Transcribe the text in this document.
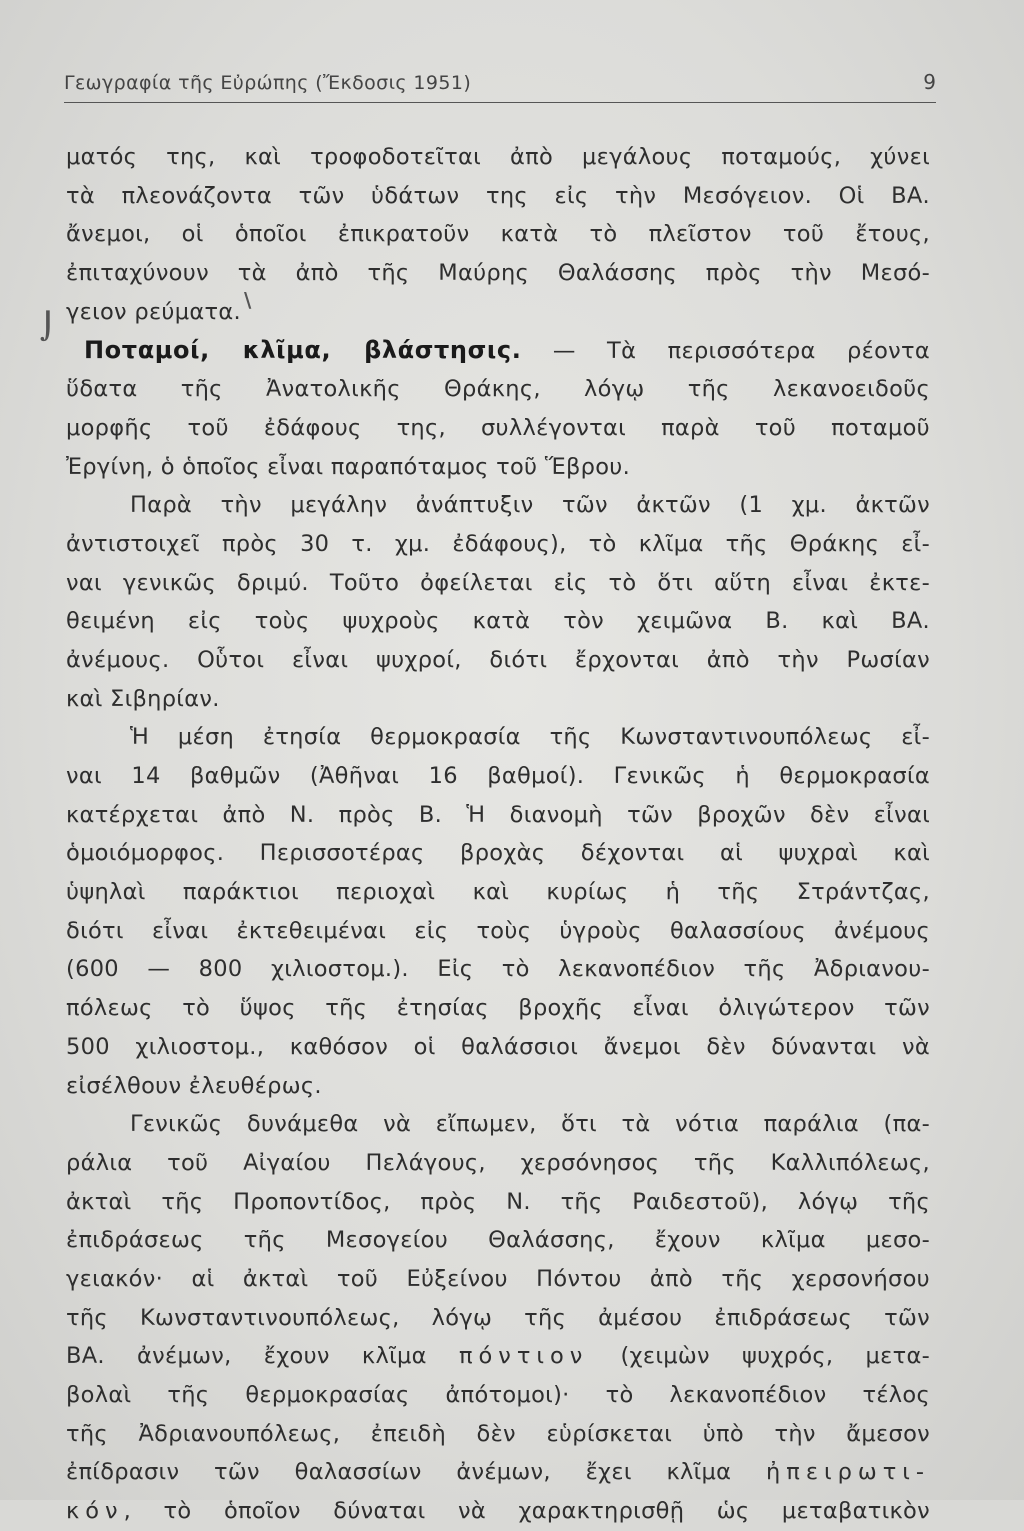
Γεωγραφία τῆς Εὐρώπης (Ἔκδοσις 1951)	9
\
⌡
ματός της, καὶ τροφοδοτεῖται ἀπὸ μεγάλους ποταμούς, χύνει
τὰ πλεονάζοντα τῶν ὑδάτων της εἰς τὴν Μεσόγειον. Οἱ ΒΑ.
ἄνεμοι, οἱ ὁποῖοι ἐπικρατοῦν κατὰ τὸ πλεῖστον τοῦ ἔτους,
ἐπιταχύνουν τὰ ἀπὸ τῆς Μαύρης Θαλάσσης πρὸς τὴν Μεσό-
γειον ρεύματα.
Ποταμοί, κλῖμα, βλάστησις. — Τὰ περισσότερα ρέοντα
ὕδατα τῆς Ἀνατολικῆς Θράκης, λόγῳ τῆς λεκανοειδοῦς
μορφῆς τοῦ ἐδάφους της, συλλέγονται παρὰ τοῦ ποταμοῦ
Ἐργίνη, ὁ ὁποῖος εἶναι παραπόταμος τοῦ Ἕβρου.
Παρὰ τὴν μεγάλην ἀνάπτυξιν τῶν ἀκτῶν (1 χμ. ἀκτῶν
ἀντιστοιχεῖ πρὸς 30 τ. χμ. ἐδάφους), τὸ κλῖμα τῆς Θράκης εἶ-
ναι γενικῶς δριμύ. Τοῦτο ὀφείλεται εἰς τὸ ὅτι αὕτη εἶναι ἐκτε-
θειμένη εἰς τοὺς ψυχροὺς κατὰ τὸν χειμῶνα Β. καὶ ΒΑ.
ἀνέμους. Οὗτοι εἶναι ψυχροί, διότι ἔρχονται ἀπὸ τὴν Ρωσίαν
καὶ Σιβηρίαν.
Ἡ μέση ἐτησία θερμοκρασία τῆς Κωνσταντινουπόλεως εἶ-
ναι 14 βαθμῶν (Ἀθῆναι 16 βαθμοί). Γενικῶς ἡ θερμοκρασία
κατέρχεται ἀπὸ Ν. πρὸς Β. Ἡ διανομὴ τῶν βροχῶν δὲν εἶναι
ὁμοιόμορφος. Περισσοτέρας βροχὰς δέχονται αἱ ψυχραὶ καὶ
ὑψηλαὶ παράκτιοι περιοχαὶ καὶ κυρίως ἡ τῆς Στράντζας,
διότι εἶναι ἐκτεθειμέναι εἰς τοὺς ὑγροὺς θαλασσίους ἀνέμους
(600 — 800 χιλιοστομ.). Εἰς τὸ λεκανοπέδιον τῆς Ἀδριανου-
πόλεως τὸ ὕψος τῆς ἐτησίας βροχῆς εἶναι ὀλιγώτερον τῶν
500 χιλιοστομ., καθόσον οἱ θαλάσσιοι ἄνεμοι δὲν δύνανται νὰ
εἰσέλθουν ἐλευθέρως.
Γενικῶς δυνάμεθα νὰ εἴπωμεν, ὅτι τὰ νότια παράλια (πα-
ράλια τοῦ Αἰγαίου Πελάγους, χερσόνησος τῆς Καλλιπόλεως,
ἀκταὶ τῆς Προποντίδος, πρὸς Ν. τῆς Ραιδεστοῦ), λόγῳ τῆς
ἐπιδράσεως τῆς Μεσογείου Θαλάσσης, ἔχουν κλῖμα μεσο-
γειακόν· αἱ ἀκταὶ τοῦ Εὐξείνου Πόντου ἀπὸ τῆς χερσονήσου
τῆς Κωνσταντινουπόλεως, λόγῳ τῆς ἀμέσου ἐπιδράσεως τῶν
ΒΑ. ἀνέμων, ἔχουν κλῖμα πόντιον (χειμὼν ψυχρός, μετα-
βολαὶ τῆς θερμοκρασίας ἀπότομοι)· τὸ λεκανοπέδιον τέλος
τῆς Ἀδριανουπόλεως, ἐπειδὴ δὲν εὑρίσκεται ὑπὸ τὴν ἄμεσον
ἐπίδρασιν τῶν θαλασσίων ἀνέμων, ἔχει κλῖμα ἠπειρωτι-
κόν, τὸ ὁποῖον δύναται νὰ χαρακτηρισθῇ ὡς μεταβατικὸν
